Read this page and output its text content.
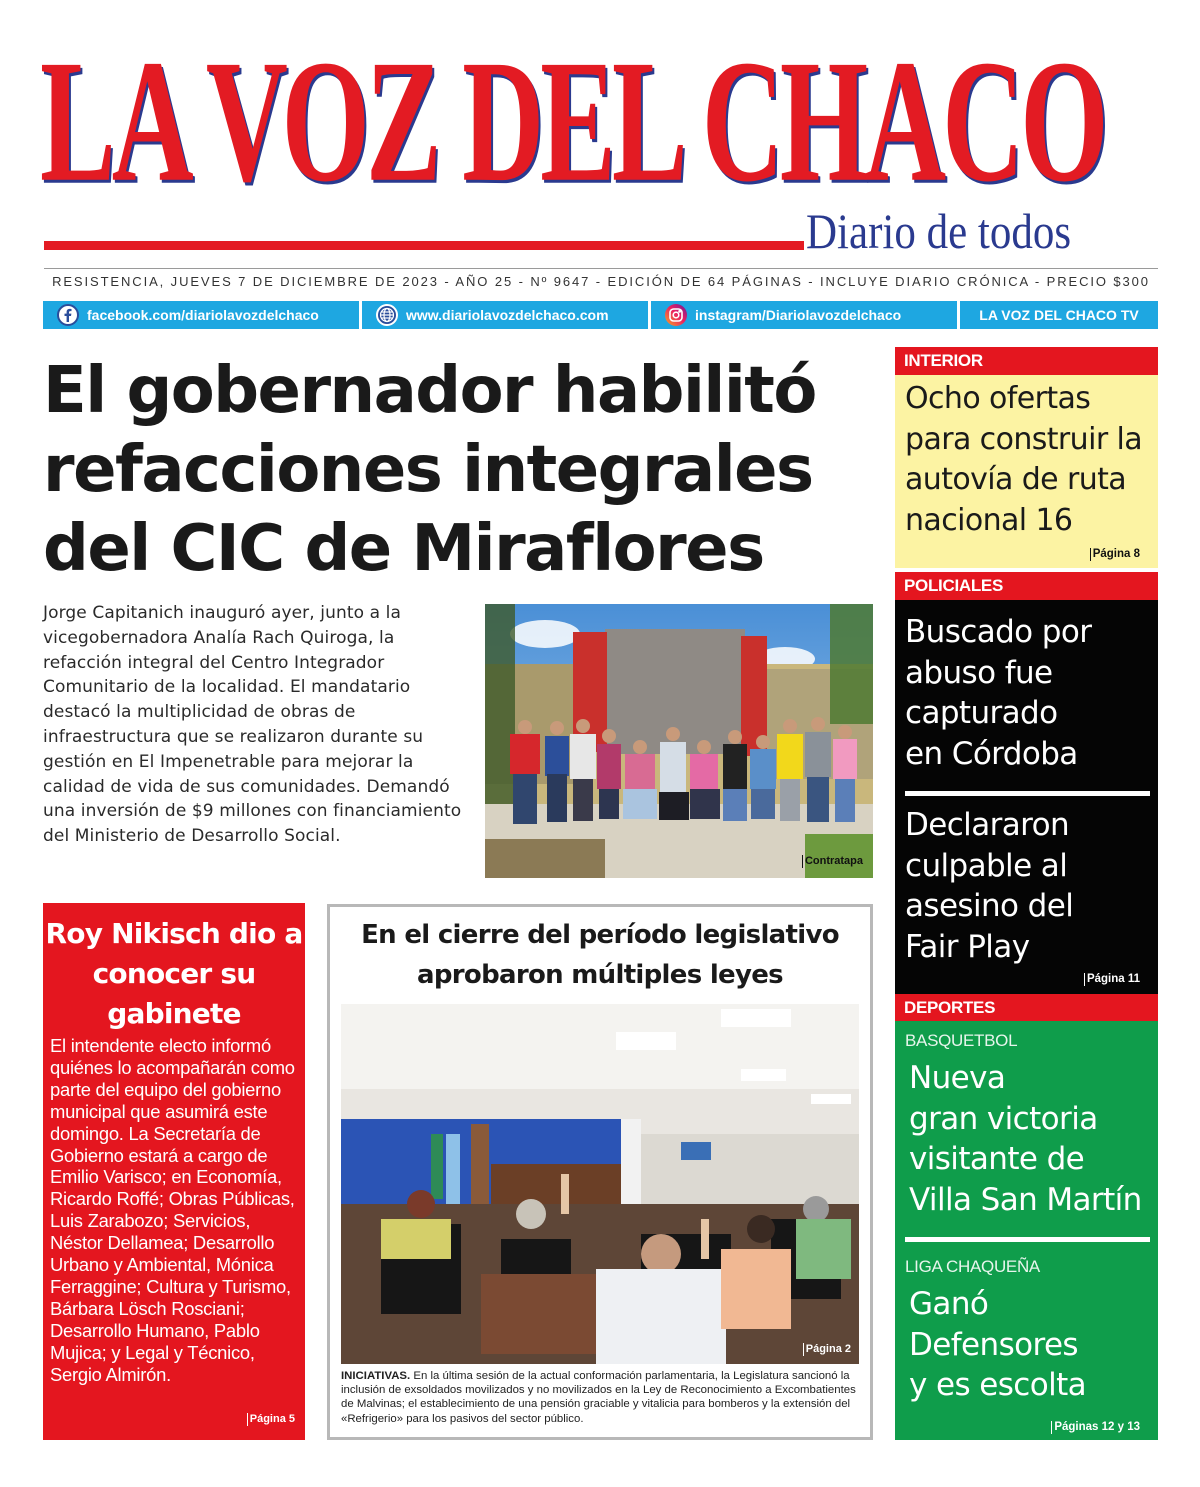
LA VOZ DEL CHACO
Diario de todos
RESISTENCIA, JUEVES 7 DE DICIEMBRE DE 2023 - AÑO 25 - Nº 9647 - EDICIÓN DE 64 PÁGINAS - INCLUYE DIARIO CRÓNICA - PRECIO $300
facebook.com/diariolavozdelchaco	www.diariolavozdelchaco.com	instagram/Diariolavozdelchaco	LA VOZ DEL CHACO TV
El gobernador habilitó refacciones integrales del CIC de Miraflores

Jorge Capitanich inauguró ayer, junto a la vicegobernadora Analía Rach Quiroga, la refacción integral del Centro Integrador Comunitario de la localidad. El mandatario destacó la multiplicidad de obras de infraestructura que se realizaron durante su gestión en El Impenetrable para mejorar la calidad de vida de sus comunidades. Demandó una inversión de $9 millones con financiamiento del Ministerio de Desarrollo Social.

Contratapa
Roy Nikisch dio a conocer su gabinete

El intendente electo informó quiénes lo acompañarán como parte del equipo del gobierno municipal que asumirá este domingo. La Secretaría de Gobierno estará a cargo de Emilio Varisco; en Economía, Ricardo Roffé; Obras Públicas, Luis Zarabozo; Servicios, Néstor Dellamea; Desarrollo Urbano y Ambiental, Mónica Ferraggine; Cultura y Turismo, Bárbara Lösch Rosciani; Desarrollo Humano, Pablo Mujica; y Legal y Técnico, Sergio Almirón.

Página 5
En el cierre del período legislativo aprobaron múltiples leyes
Página 2

INICIATIVAS. En la última sesión de la actual conformación parlamentaria, la Legislatura sancionó la inclusión de exsoldados movilizados y no movilizados en la Ley de Reconocimiento a Excombatientes de Malvinas; el establecimiento de una pensión graciable y vitalicia para bomberos y la extensión del «Refrigerio» para los pasivos del sector público.

INTERIOR
Ocho ofertas
para construir la
autovía de ruta
nacional 16
Página 8
POLICIALES
Buscado por
abuso fue
capturado
en Córdoba
Declararon
culpable al
asesino del
Fair Play
Página 11
DEPORTES
BASQUETBOL
Nueva
gran victoria
visitante de
Villa San Martín
LIGA CHAQUEÑA
Ganó
Defensores
y es escolta
Páginas 12 y 13
